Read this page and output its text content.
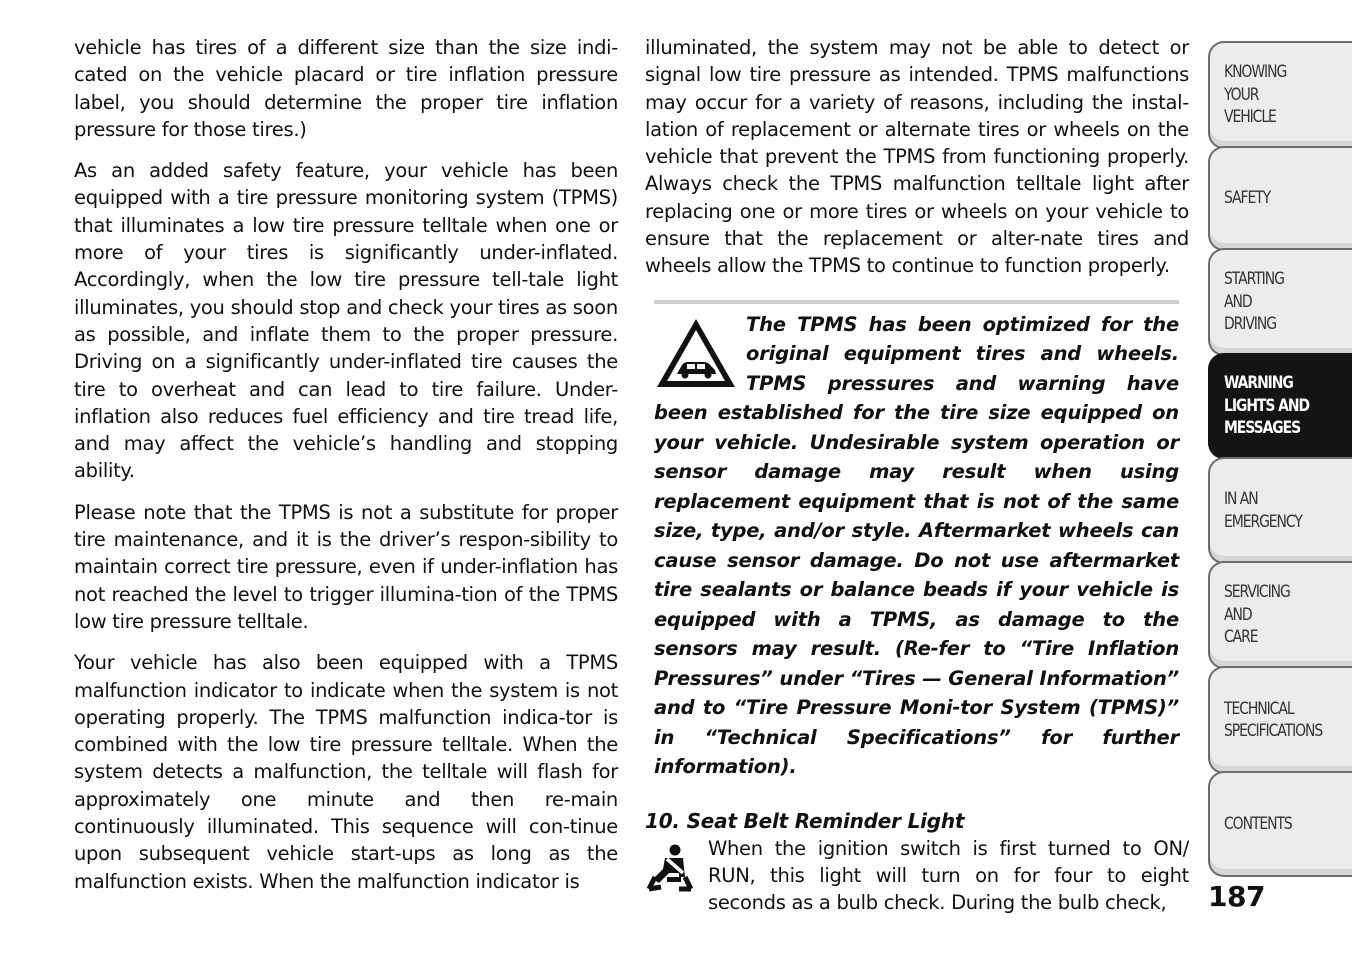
vehicle has tires of a different size than the size indi-cated on the vehicle placard or tire inflation pressure label, you should determine the proper tire inflation pressure for those tires.)

As an added safety feature, your vehicle has been equipped with a tire pressure monitoring system (TPMS) that illuminates a low tire pressure telltale when one or more of your tires is significantly under-inflated. Accordingly, when the low tire pressure tell-tale light illuminates, you should stop and check your tires as soon as possible, and inflate them to the proper pressure. Driving on a significantly under-inflated tire causes the tire to overheat and can lead to tire failure. Under-inflation also reduces fuel efficiency and tire tread life, and may affect the vehicle’s handling and stopping ability.

Please note that the TPMS is not a substitute for proper tire maintenance, and it is the driver’s respon-sibility to maintain correct tire pressure, even if under-inflation has not reached the level to trigger illumina-tion of the TPMS low tire pressure telltale.

Your vehicle has also been equipped with a TPMS malfunction indicator to indicate when the system is not operating properly. The TPMS malfunction indica-tor is combined with the low tire pressure telltale. When the system detects a malfunction, the telltale will flash for approximately one minute and then re-main continuously illuminated. This sequence will con-tinue upon subsequent vehicle start-ups as long as the malfunction exists. When the malfunction indicator is

illuminated, the system may not be able to detect or signal low tire pressure as intended. TPMS malfunctions may occur for a variety of reasons, including the instal-lation of replacement or alternate tires or wheels on the vehicle that prevent the TPMS from functioning properly. Always check the TPMS malfunction telltale light after replacing one or more tires or wheels on your vehicle to ensure that the replacement or alter-nate tires and wheels allow the TPMS to continue to function properly.

The TPMS has been optimized for the original equipment tires and wheels. TPMS pressures and warning have been established for the tire size equipped on your vehicle. Undesirable system operation or sensor damage may result when using replacement equipment that is not of the same size, type, and/or style. Aftermarket wheels can cause sensor damage. Do not use aftermarket tire sealants or balance beads if your vehicle is equipped with a TPMS, as damage to the sensors may result. (Re-fer to “Tire Inflation Pressures” under “Tires — General Information” and to “Tire Pressure Moni-tor System (TPMS)” in “Technical Specifications” for further information).

10. Seat Belt Reminder Light

When the ignition switch is first turned to ON/ RUN, this light will turn on for four to eight seconds as a bulb check. During the bulb check,

KNOWING
YOUR
VEHICLE
SAFETY
STARTING
AND
DRIVING
WARNING
LIGHTS AND
MESSAGES
IN AN
EMERGENCY
SERVICING
AND
CARE
TECHNICAL
SPECIFICATIONS
CONTENTS
187
